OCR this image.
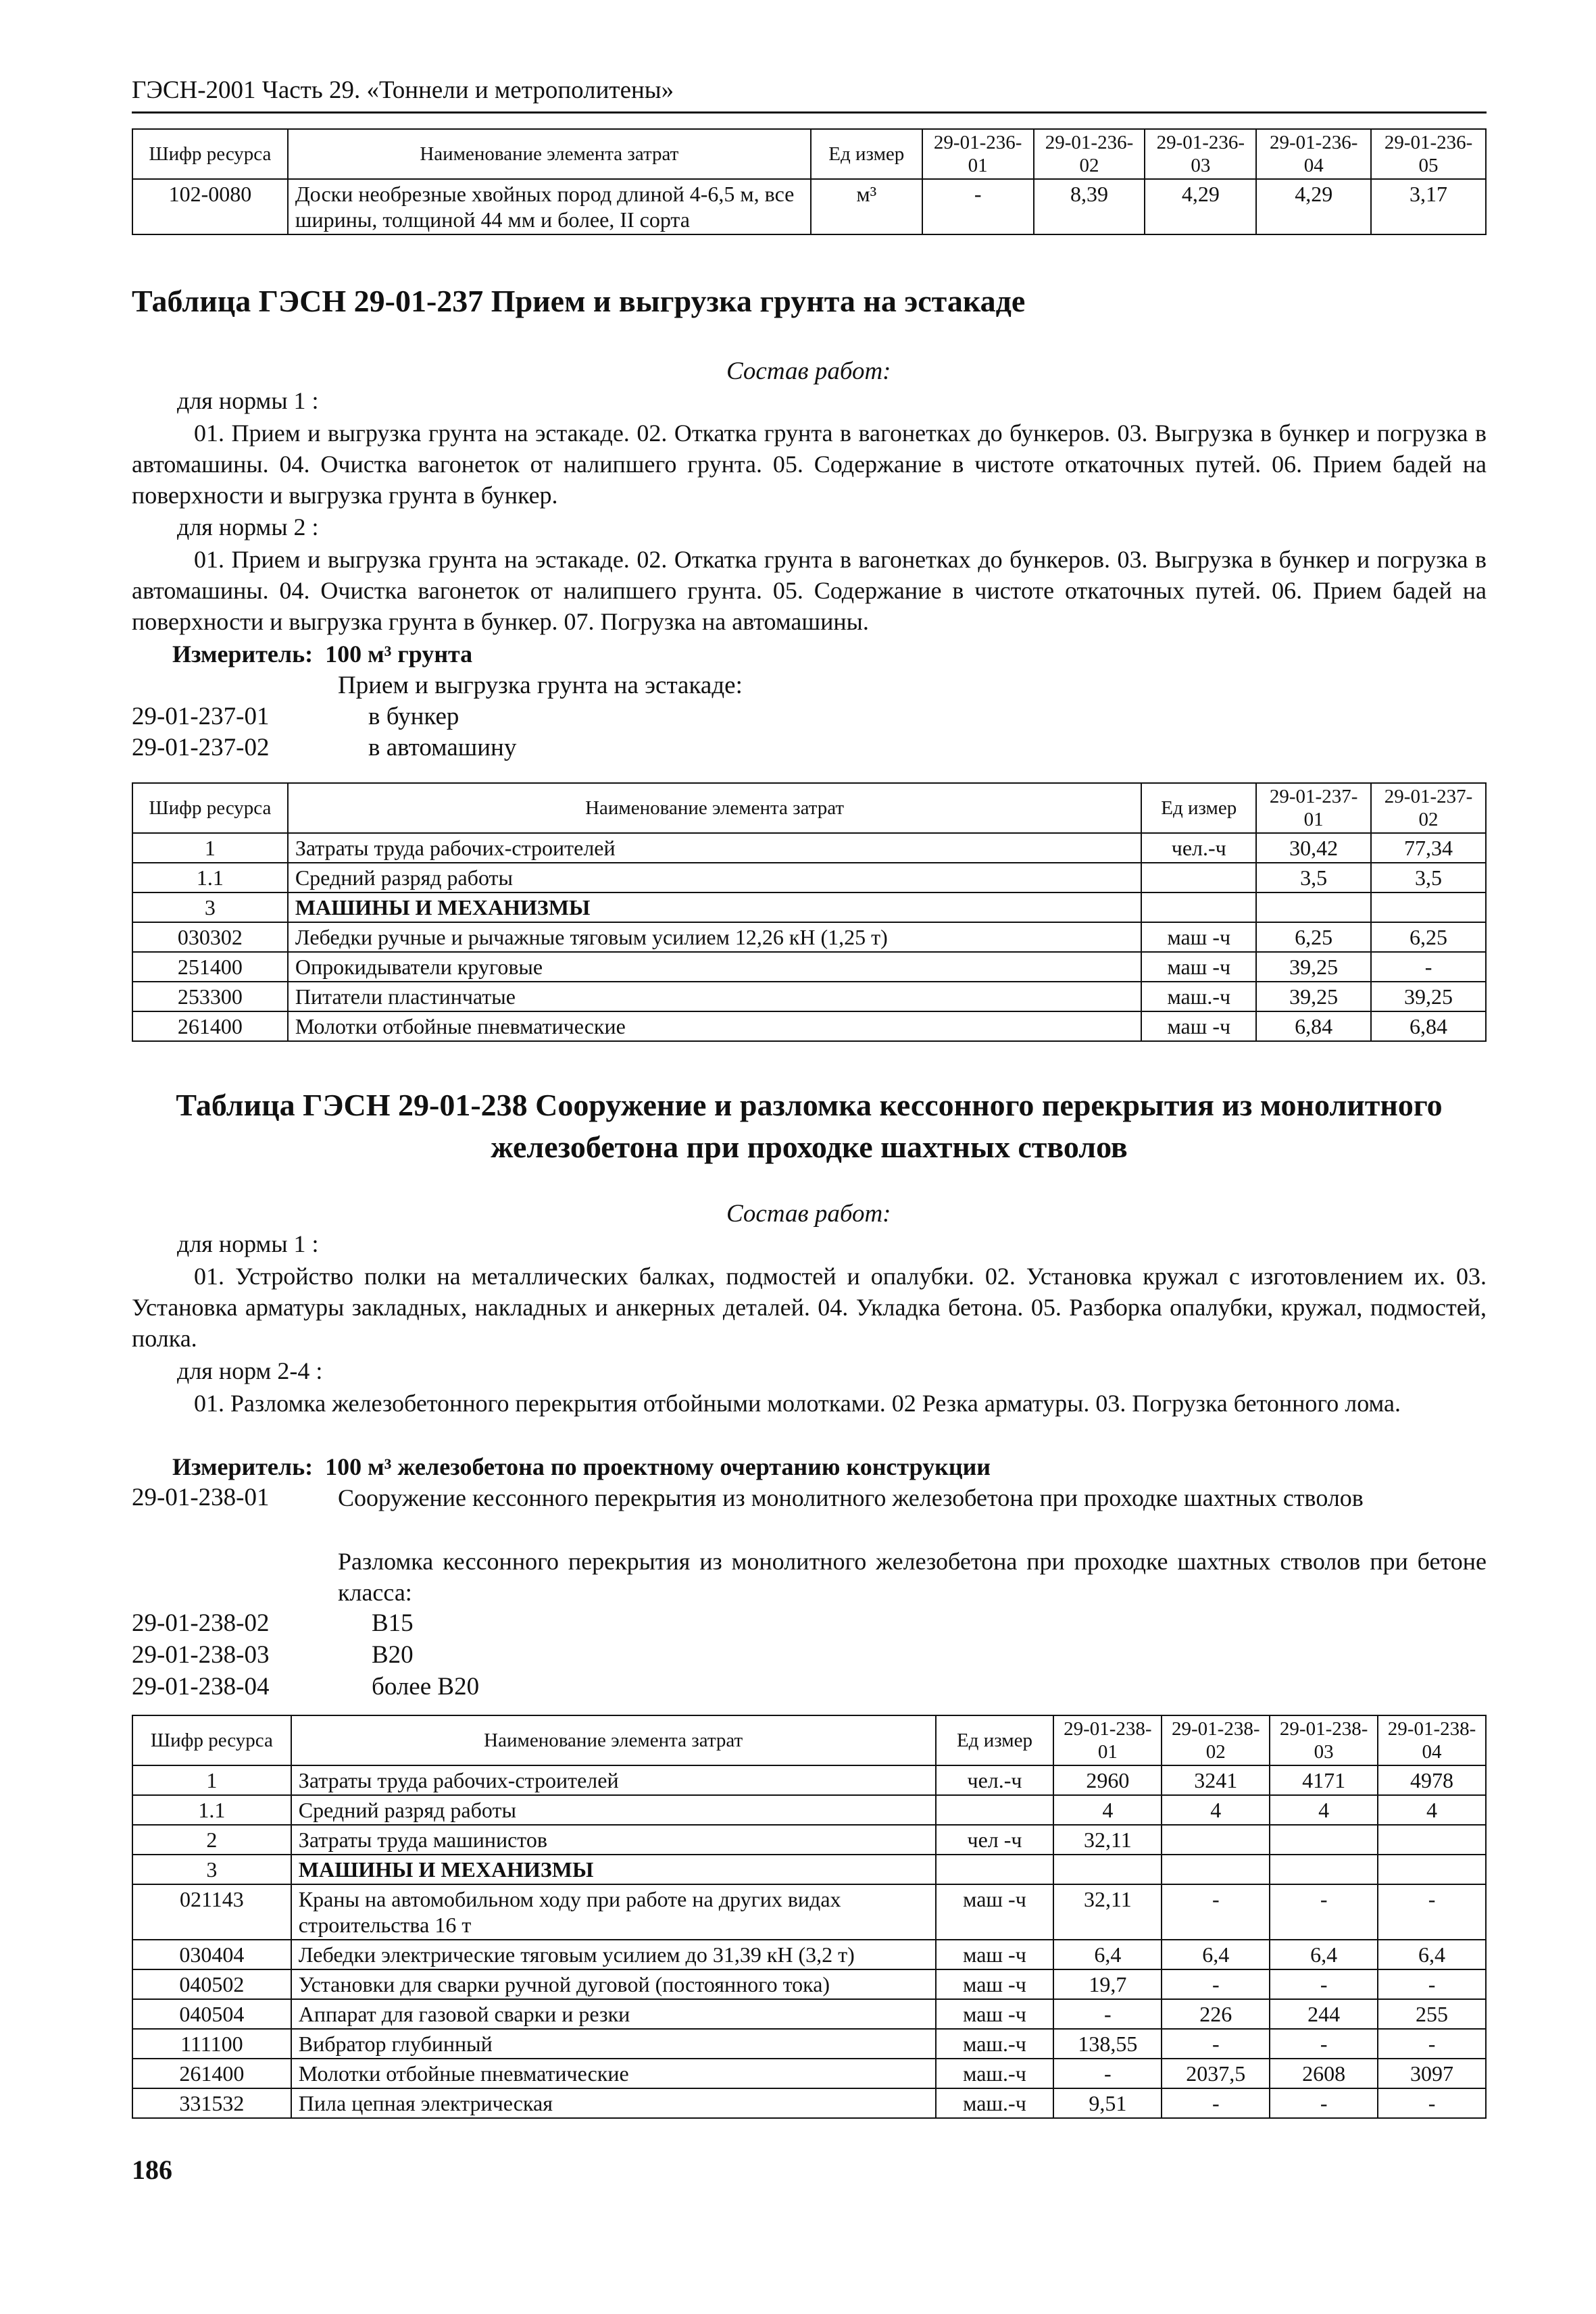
ГЭСН-2001 Часть 29. «Тоннели и метрополитены»
Шифр ресурса	Наименование элемента затрат	Ед измер	29-01-236-01	29-01-236-02	29-01-236-03	29-01-236-04	29-01-236-05
102-0080	Доски необрезные хвойных пород длиной 4-6,5 м, все ширины, толщиной 44 мм и более, II сорта	м³	-	8,39	4,29	4,29	3,17
Таблица ГЭСН 29-01-237 Прием и выгрузка грунта на эстакаде
Состав работ:
для нормы 1 :
01. Прием и выгрузка грунта на эстакаде. 02. Откатка грунта в вагонетках до бункеров. 03. Выгрузка в бункер и погрузка в автомашины. 04. Очистка вагонеток от налипшего грунта. 05. Содержание в чистоте откаточных путей. 06. Прием бадей на поверхности и выгрузка грунта в бункер.
для нормы 2 :
01. Прием и выгрузка грунта на эстакаде. 02. Откатка грунта в вагонетках до бункеров. 03. Выгрузка в бункер и погрузка в автомашины. 04. Очистка вагонеток от налипшего грунта. 05. Содержание в чистоте откаточных путей. 06. Прием бадей на поверхности и выгрузка грунта в бункер. 07. Погрузка на автомашины.
Измеритель: 100 м³ грунта
Прием и выгрузка грунта на эстакаде:
29-01-237-01	в бункер
29-01-237-02	в автомашину
Шифр ресурса	Наименование элемента затрат	Ед измер	29-01-237-01	29-01-237-02
1	Затраты труда рабочих-строителей	чел.-ч	30,42	77,34
1.1	Средний разряд работы		3,5	3,5
3	МАШИНЫ И МЕХАНИЗМЫ			
030302	Лебедки ручные и рычажные тяговым усилием 12,26 кН (1,25 т)	маш -ч	6,25	6,25
251400	Опрокидыватели круговые	маш -ч	39,25	-
253300	Питатели пластинчатые	маш.-ч	39,25	39,25
261400	Молотки отбойные пневматические	маш -ч	6,84	6,84
Таблица ГЭСН 29-01-238 Сооружение и разломка кессонного перекрытия из монолитного
железобетона при проходке шахтных стволов
Состав работ:
для нормы 1 :
01. Устройство полки на металлических балках, подмостей и опалубки. 02. Установка кружал с изготовлением их. 03. Установка арматуры закладных, накладных и анкерных деталей. 04. Укладка бетона. 05. Разборка опалубки, кружал, подмостей, полка.
для норм 2-4 :
01. Разломка железобетонного перекрытия отбойными молотками. 02 Резка арматуры. 03. Погрузка бетонного лома.
Измеритель: 100 м³ железобетона по проектному очертанию конструкции
29-01-238-01	Сооружение кессонного перекрытия из монолитного железобетона при проходке шахтных стволов
Разломка кессонного перекрытия из монолитного железобетона при проходке шахтных стволов при бетоне класса:
29-01-238-02	В15
29-01-238-03	В20
29-01-238-04	более В20
Шифр ресурса	Наименование элемента затрат	Ед измер	29-01-238-01	29-01-238-02	29-01-238-03	29-01-238-04
1	Затраты труда рабочих-строителей	чел.-ч	2960	3241	4171	4978
1.1	Средний разряд работы		4	4	4	4
2	Затраты труда машинистов	чел -ч	32,11			
3	МАШИНЫ И МЕХАНИЗМЫ					
021143	Краны на автомобильном ходу при работе на других видах строительства 16 т	маш -ч	32,11	-	-	-
030404	Лебедки электрические тяговым усилием до 31,39 кН (3,2 т)	маш -ч	6,4	6,4	6,4	6,4
040502	Установки для сварки ручной дуговой (постоянного тока)	маш -ч	19,7	-	-	-
040504	Аппарат для газовой сварки и резки	маш -ч	-	226	244	255
111100	Вибратор глубинный	маш.-ч	138,55	-	-	-
261400	Молотки отбойные пневматические	маш.-ч	-	2037,5	2608	3097
331532	Пила цепная электрическая	маш.-ч	9,51	-	-	-
186
